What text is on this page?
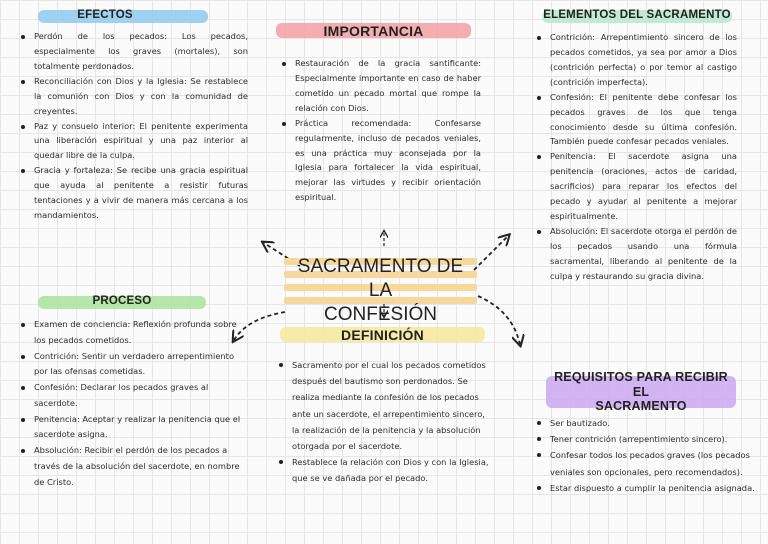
EFECTOS
Perdón de los pecados: Los pecados, especialmente los graves (mortales), son totalmente perdonados.
Reconciliación con Dios y la Iglesia: Se restablece la comunión con Dios y con la comunidad de creyentes.
Paz y consuelo interior: El penitente experimenta una liberación espiritual y una paz interior al quedar libre de la culpa.
Gracia y fortaleza: Se recibe una gracia espiritual que ayuda al penitente a resistir futuras tentaciones y a vivir de manera más cercana a los mandamientos.
IMPORTANCIA
Restauración de la gracia santificante: Especialmente importante en caso de haber cometido un pecado mortal que rompe la relación con Dios.
Práctica recomendada: Confesarse regularmente, incluso de pecados veniales, es una práctica muy aconsejada por la Iglesia para fortalecer la vida espiritual, mejorar las virtudes y recibir orientación espiritual.
ELEMENTOS DEL SACRAMENTO
Contrición: Arrepentimiento sincero de los pecados cometidos, ya sea por amor a Dios (contrición perfecta) o por temor al castigo (contrición imperfecta).
Confesión: El penitente debe confesar los pecados graves de los que tenga conocimiento desde su última confesión. También puede confesar pecados veniales.
Penitencia: El sacerdote asigna una penitencia (oraciones, actos de caridad, sacrificios) para reparar los efectos del pecado y ayudar al penitente a mejorar espiritualmente.
Absolución: El sacerdote otorga el perdón de los pecados usando una fórmula sacramental, liberando al penitente de la culpa y restaurando su gracia divina.
SACRAMENTO DE LA
CONFESIÓN
PROCESO
Examen de conciencia: Reflexión profunda sobre los pecados cometidos.
Contrición: Sentir un verdadero arrepentimiento por las ofensas cometidas.
Confesión: Declarar los pecados graves al sacerdote.
Penitencia: Aceptar y realizar la penitencia que el sacerdote asigna.
Absolución: Recibir el perdón de los pecados a través de la absolución del sacerdote, en nombre de Cristo.
DEFINICIÓN
Sacramento por el cual los pecados cometidos después del bautismo son perdonados. Se realiza mediante la confesión de los pecados ante un sacerdote, el arrepentimiento sincero, la realización de la penitencia y la absolución otorgada por el sacerdote.
Restablece la relación con Dios y con la Iglesia, que se ve dañada por el pecado.
REQUISITOS PARA RECIBIR EL
SACRAMENTO
Ser bautizado.
Tener contrición (arrepentimiento sincero).
Confesar todos los pecados graves (los pecados veniales son opcionales, pero recomendados).
Estar dispuesto a cumplir la penitencia asignada.
